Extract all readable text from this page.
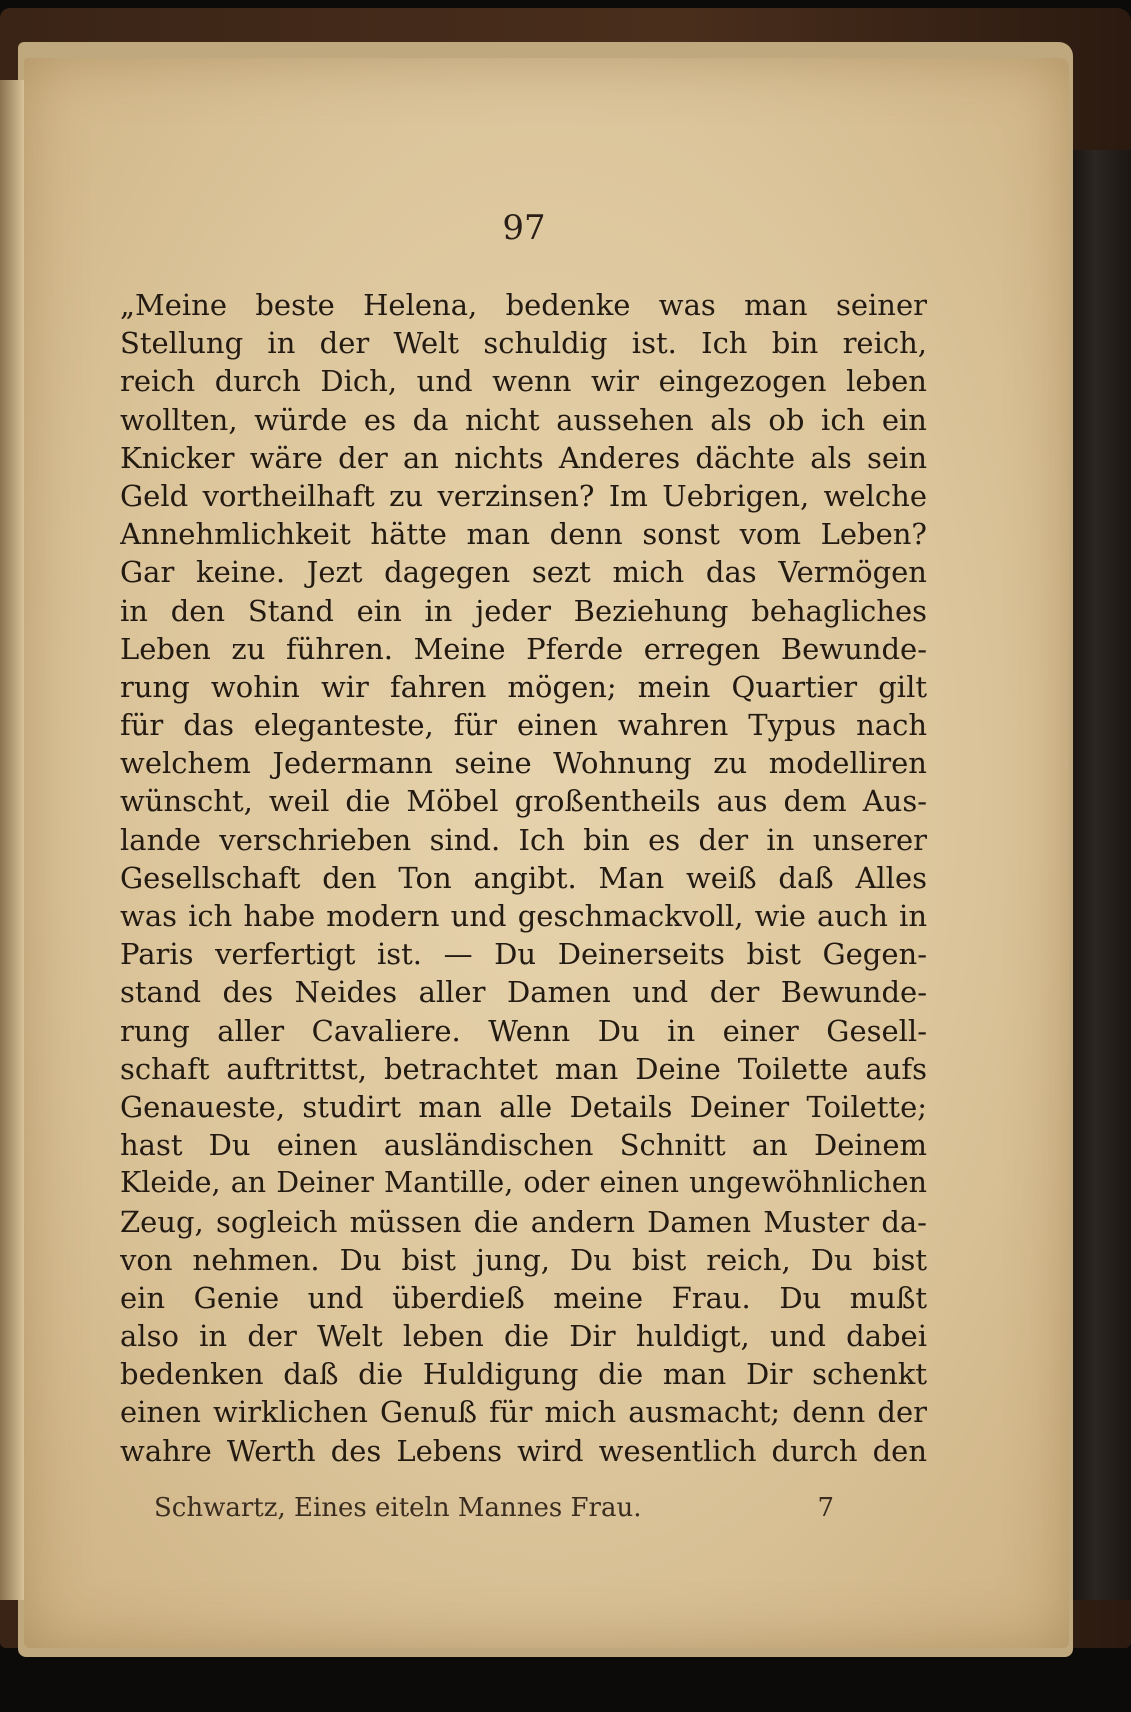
97
„Meine beste Helena, bedenke was man seiner
Stellung in der Welt schuldig ist. Ich bin reich,
reich durch Dich, und wenn wir eingezogen leben
wollten, würde es da nicht aussehen als ob ich ein
Knicker wäre der an nichts Anderes dächte als sein
Geld vortheilhaft zu verzinsen? Im Uebrigen, welche
Annehmlichkeit hätte man denn sonst vom Leben?
Gar keine. Jezt dagegen sezt mich das Vermögen
in den Stand ein in jeder Beziehung behagliches
Leben zu führen. Meine Pferde erregen Bewunde-
rung wohin wir fahren mögen; mein Quartier gilt
für das eleganteste, für einen wahren Typus nach
welchem Jedermann seine Wohnung zu modelliren
wünscht, weil die Möbel großentheils aus dem Aus-
lande verschrieben sind. Ich bin es der in unserer
Gesellschaft den Ton angibt. Man weiß daß Alles
was ich habe modern und geschmackvoll, wie auch in
Paris verfertigt ist. — Du Deinerseits bist Gegen-
stand des Neides aller Damen und der Bewunde-
rung aller Cavaliere. Wenn Du in einer Gesell-
schaft auftrittst, betrachtet man Deine Toilette aufs
Genaueste, studirt man alle Details Deiner Toilette;
hast Du einen ausländischen Schnitt an Deinem
Kleide, an Deiner Mantille, oder einen ungewöhnlichen
Zeug, sogleich müssen die andern Damen Muster da-
von nehmen. Du bist jung, Du bist reich, Du bist
ein Genie und überdieß meine Frau. Du mußt
also in der Welt leben die Dir huldigt, und dabei
bedenken daß die Huldigung die man Dir schenkt
einen wirklichen Genuß für mich ausmacht; denn der
wahre Werth des Lebens wird wesentlich durch den
Schwartz, Eines eiteln Mannes Frau.	7
